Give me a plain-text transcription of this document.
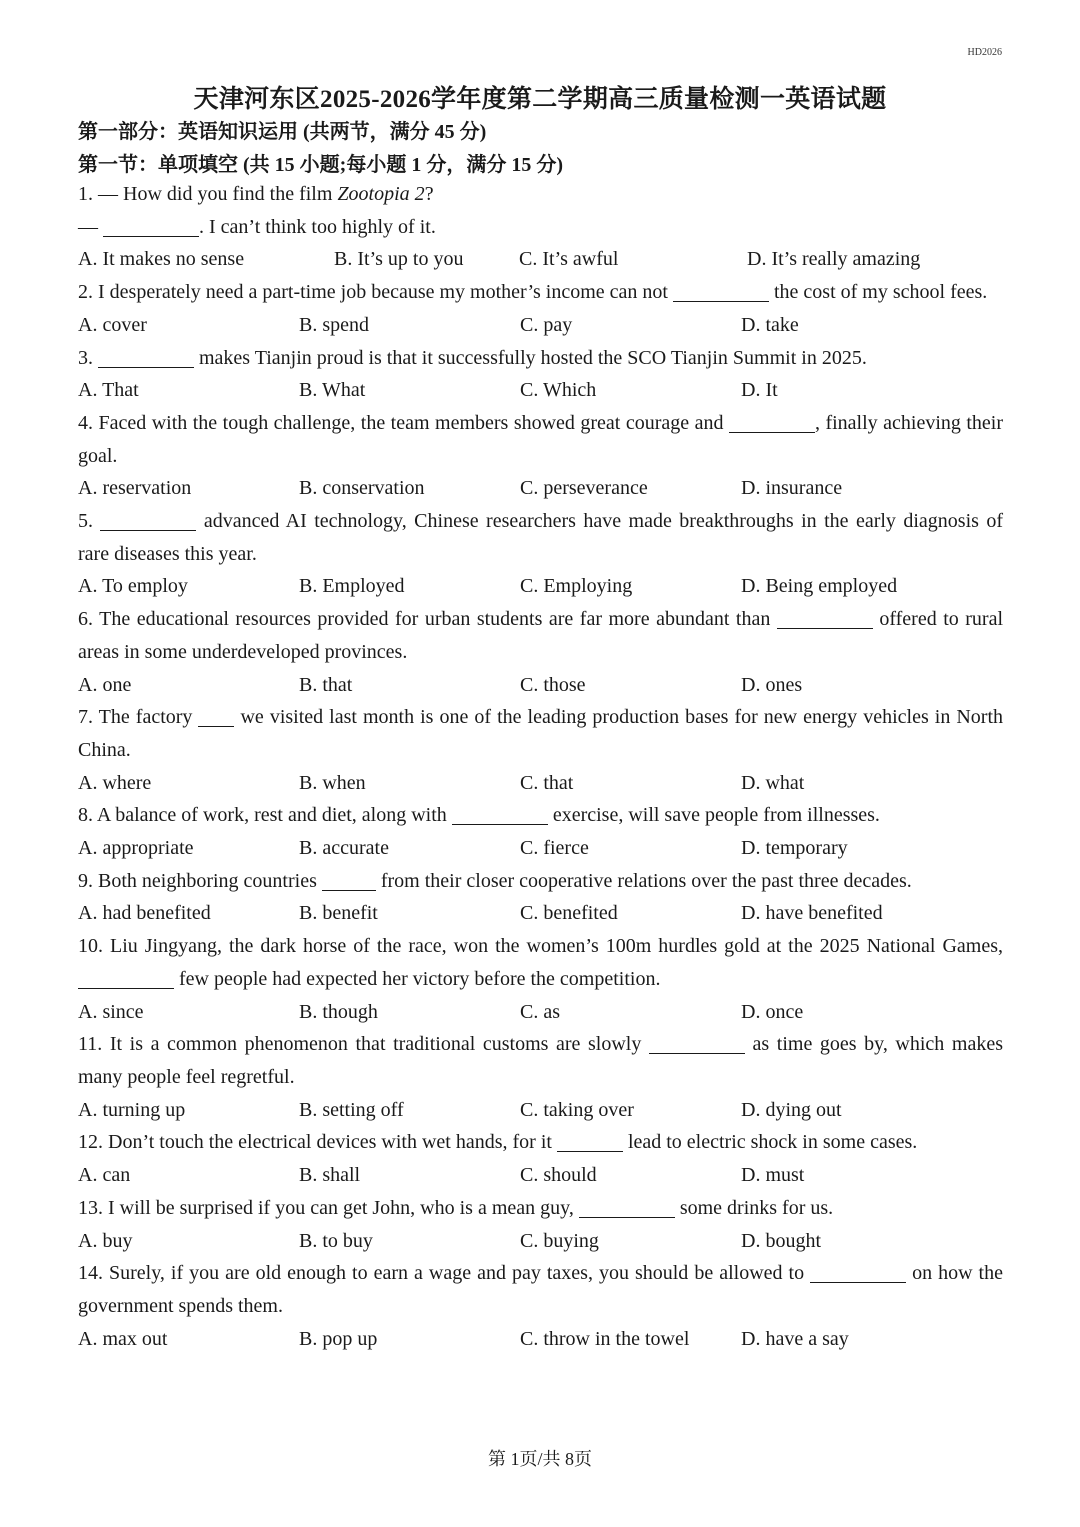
HD2026
天津河东区2025-2026学年度第二学期高三质量检测一英语试题
第一部分：英语知识运用 (共两节，满分 45 分)
第一节：单项填空 (共 15 小题;每小题 1 分，满分 15 分)
1. — How did you find the film Zootopia 2?
—	. I can’t think too highly of it.
A. It makes no sense	B. It’s up to you	C. It’s awful	D. It’s really amazing
2. I desperately need a part-time job because my mother’s income can not	the cost of my school fees.
A. cover	B. spend	C. pay	D. take
3.	makes Tianjin proud is that it successfully hosted the SCO Tianjin Summit in 2025.
A. That	B. What	C. Which	D. It
4. Faced with the tough challenge, the team members showed great courage and	, finally achieving their goal.
A. reservation	B. conservation	C. perseverance	D. insurance
5.	advanced AI technology, Chinese researchers have made breakthroughs in the early diagnosis of rare diseases this year.
A. To employ	B. Employed	C. Employing	D. Being employed
6. The educational resources provided for urban students are far more abundant than	offered to rural areas in some underdeveloped provinces.
A. one	B. that	C. those	D. ones
7. The factory  we visited last month is one of the leading production bases for new energy vehicles in North China.
A. where	B. when	C. that	D. what
8. A balance of work, rest and diet, along with	exercise, will save people from illnesses.
A. appropriate	B. accurate	C. fierce	D. temporary
9. Both neighboring countries	from their closer cooperative relations over the past three decades.
A. had benefited	B. benefit	C. benefited	D. have benefited
10. Liu Jingyang, the dark horse of the race, won the women’s 100m hurdles gold at the 2025 National Games,  few people had expected her victory before the competition.
A. since	B. though	C. as	D. once
11. It is a common phenomenon that traditional customs are slowly	as time goes by, which makes many people feel regretful.
A. turning up	B. setting off	C. taking over	D. dying out
12. Don’t touch the electrical devices with wet hands, for it	lead to electric shock in some cases.
A. can	B. shall	C. should	D. must
13. I will be surprised if you can get John, who is a mean guy,	some drinks for us.
A. buy	B. to buy	C. buying	D. bought
14. Surely, if you are old enough to earn a wage and pay taxes, you should be allowed to	on how the government spends them.
A. max out	B. pop up	C. throw in the towel	D. have a say
第 1页/共 8页
